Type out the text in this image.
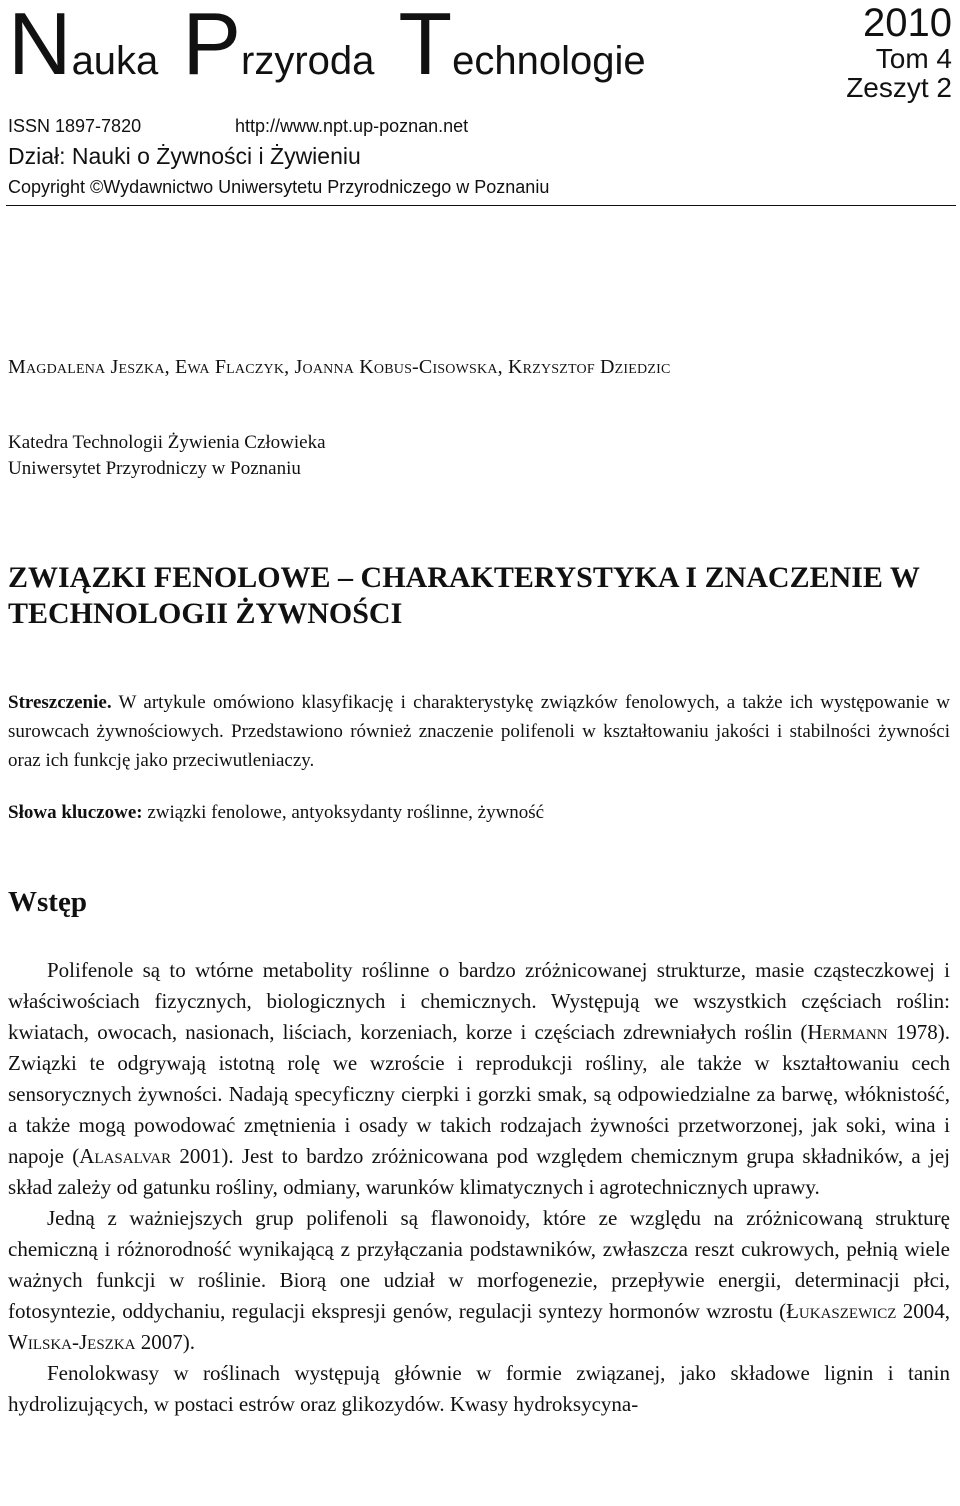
Nauka Przyroda Technologie
2010
Tom 4
Zeszyt 2
ISSN 1897-7820	http://www.npt.up-poznan.net
Dział: Nauki o Żywności i Żywieniu
Copyright ©Wydawnictwo Uniwersytetu Przyrodniczego w Poznaniu
Magdalena Jeszka, Ewa Flaczyk, Joanna Kobus-Cisowska, Krzysztof Dziedzic
Katedra Technologii Żywienia Człowieka
Uniwersytet Przyrodniczy w Poznaniu
ZWIĄZKI FENOLOWE – CHARAKTERYSTYKA I ZNACZENIE W TECHNOLOGII ŻYWNOŚCI

Streszczenie. W artykule omówiono klasyfikację i charakterystykę związków fenolowych, a także ich występowanie w surowcach żywnościowych. Przedstawiono również znaczenie polifenoli w kształtowaniu jakości i stabilności żywności oraz ich funkcję jako przeciwutleniaczy.

Słowa kluczowe: związki fenolowe, antyoksydanty roślinne, żywność

Wstęp

Polifenole są to wtórne metabolity roślinne o bardzo zróżnicowanej strukturze, masie cząsteczkowej i właściwościach fizycznych, biologicznych i chemicznych. Występują we wszystkich częściach roślin: kwiatach, owocach, nasionach, liściach, korzeniach, korze i częściach zdrewniałych roślin (Hermann 1978). Związki te odgrywają istotną rolę we wzroście i reprodukcji rośliny, ale także w kształtowaniu cech sensorycznych żywności. Nadają specyficzny cierpki i gorzki smak, są odpowiedzialne za barwę, włóknistość, a także mogą powodować zmętnienia i osady w takich rodzajach żywności przetworzonej, jak soki, wina i napoje (Alasalvar 2001). Jest to bardzo zróżnicowana pod względem chemicznym grupa składników, a jej skład zależy od gatunku rośliny, odmiany, warunków klimatycznych i agrotechnicznych uprawy.

Jedną z ważniejszych grup polifenoli są flawonoidy, które ze względu na zróżnicowaną strukturę chemiczną i różnorodność wynikającą z przyłączania podstawników, zwłaszcza reszt cukrowych, pełnią wiele ważnych funkcji w roślinie. Biorą one udział w morfogenezie, przepływie energii, determinacji płci, fotosyntezie, oddychaniu, regulacji ekspresji genów, regulacji syntezy hormonów wzrostu (Łukaszewicz 2004, Wilska-Jeszka 2007).

Fenolokwasy w roślinach występują głównie w formie związanej, jako składowe lignin i tanin hydrolizujących, w postaci estrów oraz glikozydów. Kwasy hydroksycyna-
